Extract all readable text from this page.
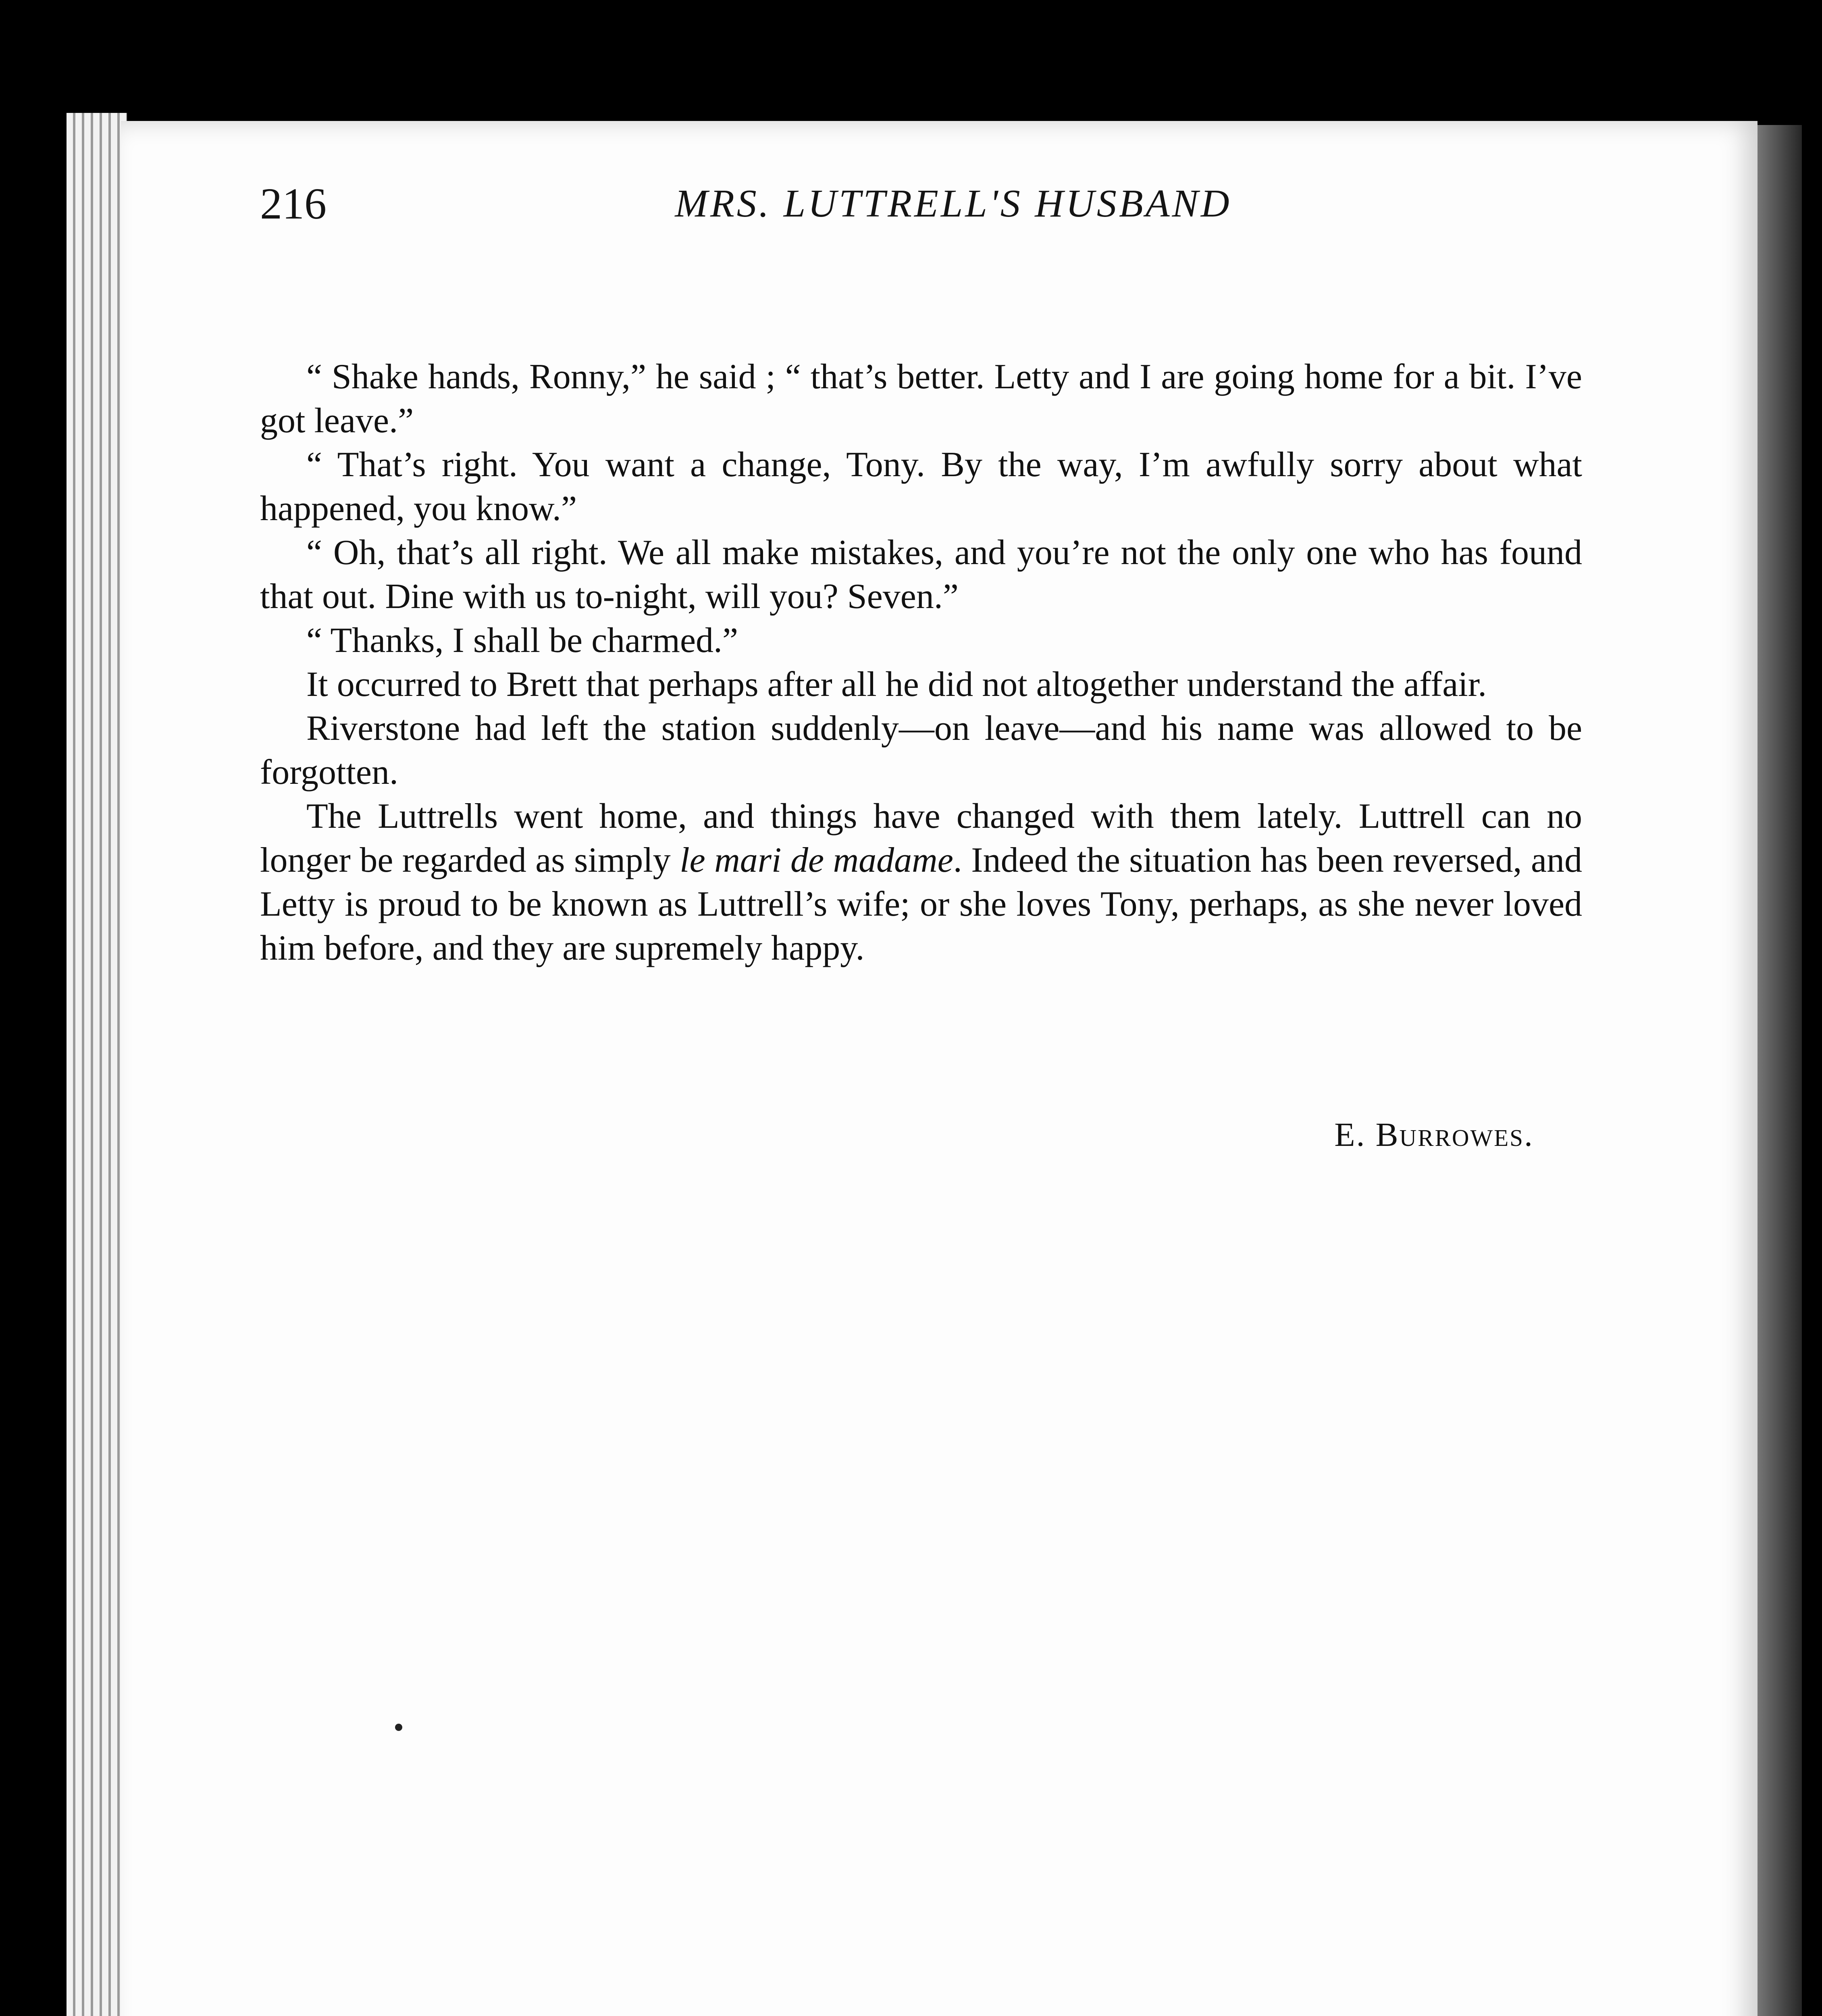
216	MRS. LUTTRELL'S HUSBAND

“ Shake hands, Ronny,” he said ; “ that’s better. Letty and I are going home for a bit. I’ve got leave.”

“ That’s right. You want a change, Tony. By the way, I’m awfully sorry about what happened, you know.”

“ Oh, that’s all right. We all make mistakes, and you’re not the only one who has found that out. Dine with us to-night, will you? Seven.”

“ Thanks, I shall be charmed.”

It occurred to Brett that perhaps after all he did not altogether understand the affair.

Riverstone had left the station suddenly—on leave—and his name was allowed to be forgotten.

The Luttrells went home, and things have changed with them lately. Luttrell can no longer be regarded as simply le mari de madame. Indeed the situation has been reversed, and Letty is proud to be known as Luttrell’s wife; or she loves Tony, perhaps, as she never loved him before, and they are supremely happy.

E. Burrowes.
